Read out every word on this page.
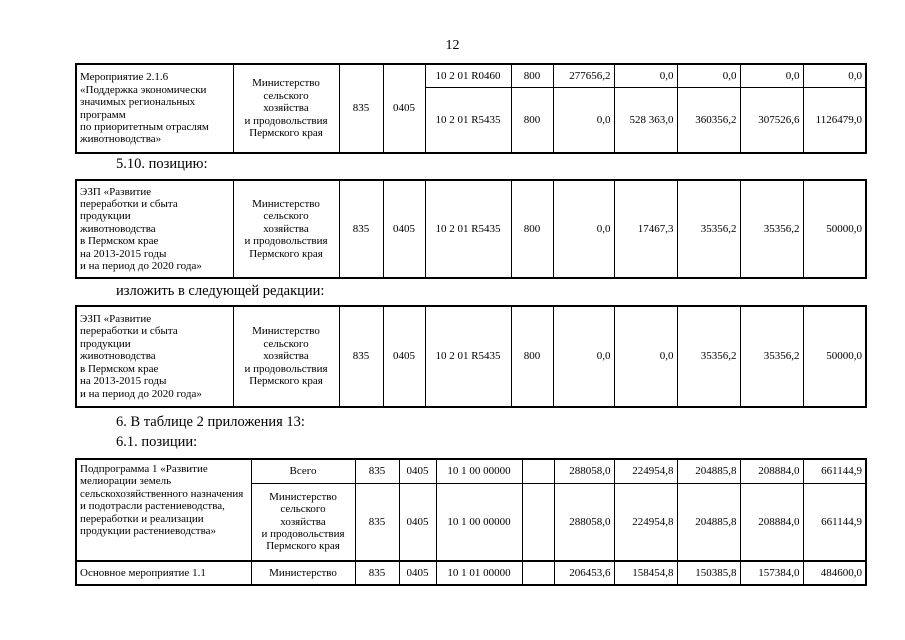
12
Мероприятие 2.1.6
«Поддержка экономически значимых региональных программ
по приоритетным отраслям животноводства»	Министерство
сельского
хозяйства
и продовольствия
Пермского края	835	0405	10 2 01 R0460	800	277656,2	0,0	0,0	0,0	0,0
				10 2 01 R5435	800	0,0	528 363,0	360356,2	307526,6	1126479,0
5.10. позицию:
ЭЗП «Развитие
переработки и сбыта
продукции
животноводства
в Пермском крае
на 2013-2015 годы
и на период до 2020 года»	Министерство
сельского
хозяйства
и продовольствия
Пермского края	835	0405	10 2 01 R5435	800	0,0	17467,3	35356,2	35356,2	50000,0
изложить в следующей редакции:
ЭЗП «Развитие
переработки и сбыта
продукции
животноводства
в Пермском крае
на 2013-2015 годы
и на период до 2020 года»	Министерство
сельского
хозяйства
и продовольствия
Пермского края	835	0405	10 2 01 R5435	800	0,0	0,0	35356,2	35356,2	50000,0
6. В таблице 2 приложения 13:
6.1. позиции:
Подпрограмма 1 «Развитие мелиорации земель сельскохозяйственного назначения и подотрасли растениеводства, переработки и реализации продукции растениеводства»	Всего	835	0405	10 1 00 00000		288058,0	224954,8	204885,8	208884,0	661144,9
	Министерство
сельского
хозяйства
и продовольствия
Пермского края	835	0405	10 1 00 00000		288058,0	224954,8	204885,8	208884,0	661144,9
Основное мероприятие 1.1	Министерство	835	0405	10 1 01 00000		206453,6	158454,8	150385,8	157384,0	484600,0
